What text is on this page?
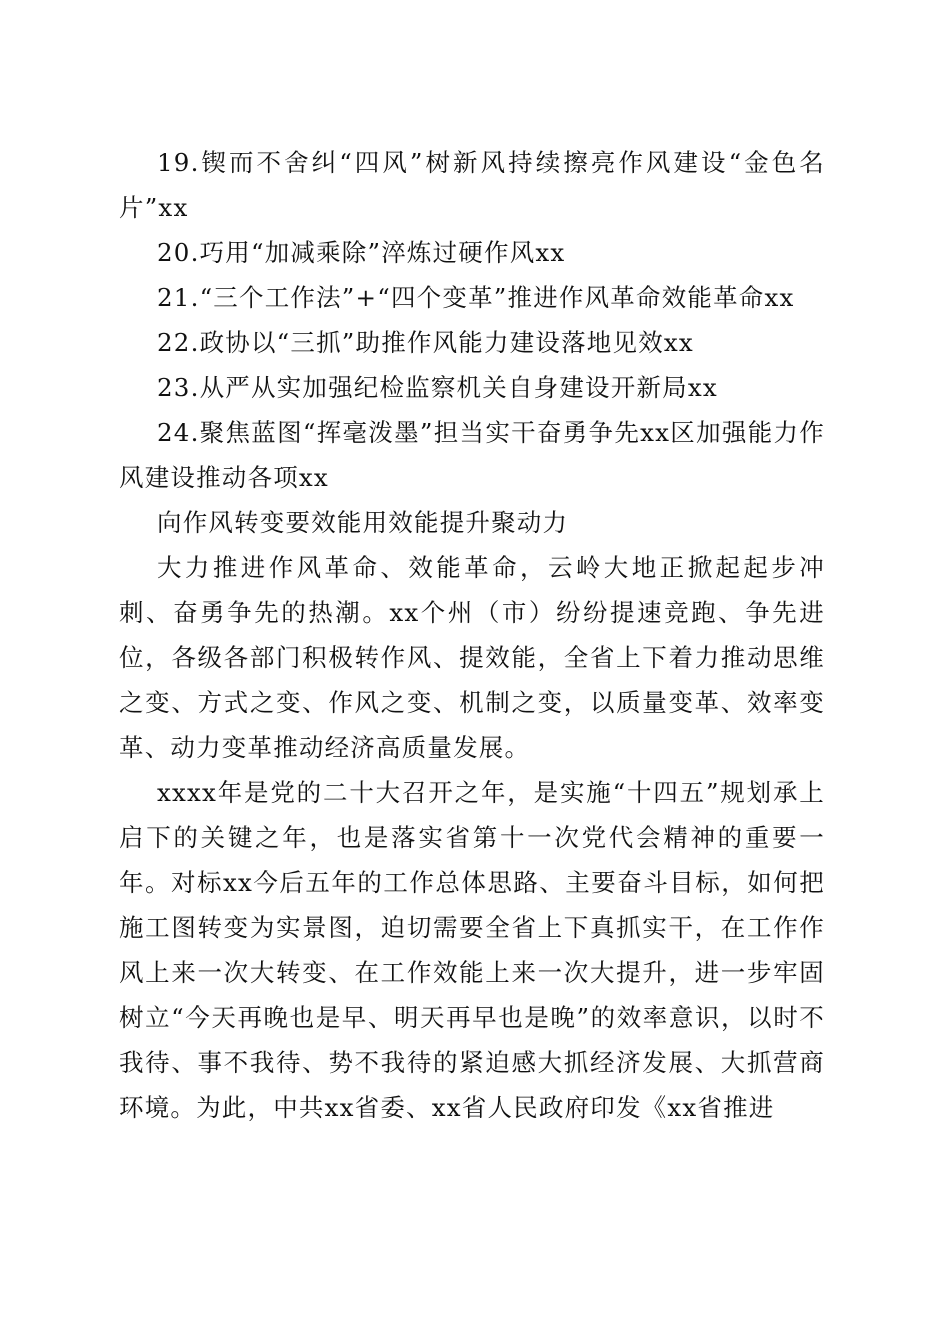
19.锲而不舍纠“四风”树新风持续擦亮作风建设“金色名片”xx

20.巧用“加减乘除”淬炼过硬作风xx

21.“三个工作法”+“四个变革”推进作风革命效能革命xx

22.政协以“三抓”助推作风能力建设落地见效xx

23.从严从实加强纪检监察机关自身建设开新局xx

24.聚焦蓝图“挥毫泼墨”担当实干奋勇争先xx区加强能力作风建设推动各项xx

向作风转变要效能用效能提升聚动力

大力推进作风革命、效能革命，云岭大地正掀起起步冲刺、奋勇争先的热潮。xx个州（市）纷纷提速竞跑、争先进位，各级各部门积极转作风、提效能，全省上下着力推动思维之变、方式之变、作风之变、机制之变，以质量变革、效率变革、动力变革推动经济高质量发展。

xxxx年是党的二十大召开之年，是实施“十四五”规划承上启下的关键之年，也是落实省第十一次党代会精神的重要一年。对标xx今后五年的工作总体思路、主要奋斗目标，如何把施工图转变为实景图，迫切需要全省上下真抓实干，在工作作风上来一次大转变、在工作效能上来一次大提升，进一步牢固树立“今天再晚也是早、明天再早也是晚”的效率意识，以时不我待、事不我待、势不我待的紧迫感大抓经济发展、大抓营商环境。为此，中共xx省委、xx省人民政府印发《xx省推进
